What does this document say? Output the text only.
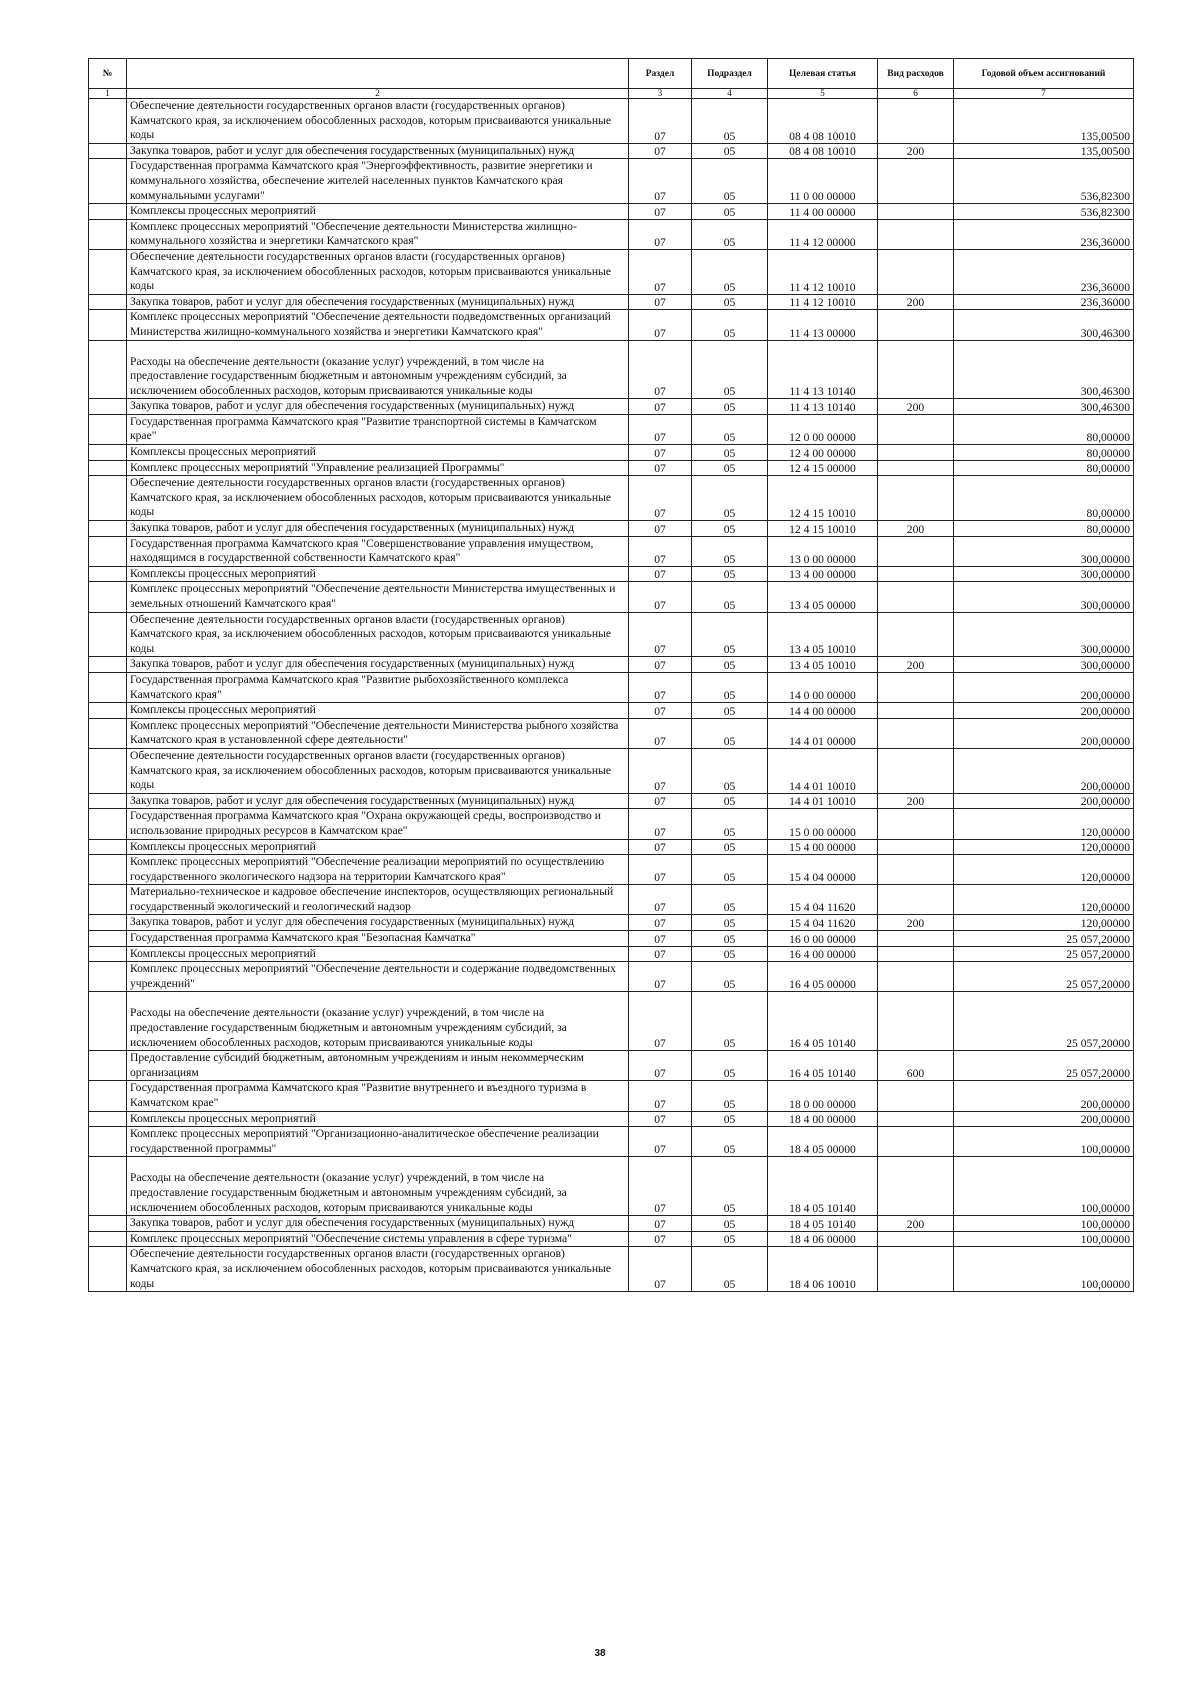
№		Раздел	Подраздел	Целевая статья	Вид расходов	Годовой объем ассигнований
1	2	3	4	5	6	7
	Обеспечение деятельности государственных органов власти (государственных органов) Камчатского края, за исключением обособленных расходов, которым присваиваются уникальные коды	07	05	08 4 08 10010		135,00500
	Закупка товаров, работ и услуг для обеспечения государственных (муниципальных) нужд	07	05	08 4 08 10010	200	135,00500
	Государственная программа Камчатского края "Энергоэффективность, развитие энергетики и коммунального хозяйства, обеспечение жителей населенных пунктов Камчатского края коммунальными услугами"	07	05	11 0 00 00000		536,82300
	Комплексы процессных мероприятий	07	05	11 4 00 00000		536,82300
	Комплекс процессных мероприятий "Обеспечение деятельности Министерства жилищно-коммунального хозяйства и энергетики Камчатского края"	07	05	11 4 12 00000		236,36000
	Обеспечение деятельности государственных органов власти (государственных органов) Камчатского края, за исключением обособленных расходов, которым присваиваются уникальные коды	07	05	11 4 12 10010		236,36000
	Закупка товаров, работ и услуг для обеспечения государственных (муниципальных) нужд	07	05	11 4 12 10010	200	236,36000
	Комплекс процессных мероприятий "Обеспечение деятельности подведомственных организаций Министерства жилищно-коммунального хозяйства и энергетики Камчатского края"	07	05	11 4 13 00000		300,46300
	Расходы на обеспечение деятельности (оказание услуг) учреждений, в том числе на предоставление государственным бюджетным и автономным учреждениям субсидий, за исключением обособленных расходов, которым присваиваются уникальные коды	07	05	11 4 13 10140		300,46300
	Закупка товаров, работ и услуг для обеспечения государственных (муниципальных) нужд	07	05	11 4 13 10140	200	300,46300
	Государственная программа Камчатского края "Развитие транспортной системы в Камчатском крае"	07	05	12 0 00 00000		80,00000
	Комплексы процессных мероприятий	07	05	12 4 00 00000		80,00000
	Комплекс процессных мероприятий "Управление реализацией Программы"	07	05	12 4 15 00000		80,00000
	Обеспечение деятельности государственных органов власти (государственных органов) Камчатского края, за исключением обособленных расходов, которым присваиваются уникальные коды	07	05	12 4 15 10010		80,00000
	Закупка товаров, работ и услуг для обеспечения государственных (муниципальных) нужд	07	05	12 4 15 10010	200	80,00000
	Государственная программа Камчатского края "Совершенствование управления имуществом, находящимся в государственной собственности Камчатского края"	07	05	13 0 00 00000		300,00000
	Комплексы процессных мероприятий	07	05	13 4 00 00000		300,00000
	Комплекс процессных мероприятий "Обеспечение деятельности Министерства имущественных и земельных отношений Камчатского края"	07	05	13 4 05 00000		300,00000
	Обеспечение деятельности государственных органов власти (государственных органов) Камчатского края, за исключением обособленных расходов, которым присваиваются уникальные коды	07	05	13 4 05 10010		300,00000
	Закупка товаров, работ и услуг для обеспечения государственных (муниципальных) нужд	07	05	13 4 05 10010	200	300,00000
	Государственная программа Камчатского края "Развитие рыбохозяйственного комплекса Камчатского края"	07	05	14 0 00 00000		200,00000
	Комплексы процессных мероприятий	07	05	14 4 00 00000		200,00000
	Комплекс процессных мероприятий "Обеспечение деятельности Министерства рыбного хозяйства Камчатского края в установленной сфере деятельности"	07	05	14 4 01 00000		200,00000
	Обеспечение деятельности государственных органов власти (государственных органов) Камчатского края, за исключением обособленных расходов, которым присваиваются уникальные коды	07	05	14 4 01 10010		200,00000
	Закупка товаров, работ и услуг для обеспечения государственных (муниципальных) нужд	07	05	14 4 01 10010	200	200,00000
	Государственная программа Камчатского края "Охрана окружающей среды, воспроизводство и использование природных ресурсов в Камчатском крае"	07	05	15 0 00 00000		120,00000
	Комплексы процессных мероприятий	07	05	15 4 00 00000		120,00000
	Комплекс процессных мероприятий "Обеспечение реализации мероприятий по осуществлению государственного экологического надзора на территории Камчатского края"	07	05	15 4 04 00000		120,00000
	Материально-техническое и кадровое обеспечение инспекторов, осуществляющих региональный государственный экологический и геологический надзор	07	05	15 4 04 11620		120,00000
	Закупка товаров, работ и услуг для обеспечения государственных (муниципальных) нужд	07	05	15 4 04 11620	200	120,00000
	Государственная программа Камчатского края "Безопасная Камчатка"	07	05	16 0 00 00000		25 057,20000
	Комплексы процессных мероприятий	07	05	16 4 00 00000		25 057,20000
	Комплекс процессных мероприятий "Обеспечение деятельности и содержание подведомственных учреждений"	07	05	16 4 05 00000		25 057,20000
	Расходы на обеспечение деятельности (оказание услуг) учреждений, в том числе на предоставление государственным бюджетным и автономным учреждениям субсидий, за исключением обособленных расходов, которым присваиваются уникальные коды	07	05	16 4 05 10140		25 057,20000
	Предоставление субсидий бюджетным, автономным учреждениям и иным некоммерческим организациям	07	05	16 4 05 10140	600	25 057,20000
	Государственная программа Камчатского края "Развитие внутреннего и въездного туризма в Камчатском крае"	07	05	18 0 00 00000		200,00000
	Комплексы процессных мероприятий	07	05	18 4 00 00000		200,00000
	Комплекс процессных мероприятий "Организационно-аналитическое обеспечение реализации государственной программы"	07	05	18 4 05 00000		100,00000
	Расходы на обеспечение деятельности (оказание услуг) учреждений, в том числе на предоставление государственным бюджетным и автономным учреждениям субсидий, за исключением обособленных расходов, которым присваиваются уникальные коды	07	05	18 4 05 10140		100,00000
	Закупка товаров, работ и услуг для обеспечения государственных (муниципальных) нужд	07	05	18 4 05 10140	200	100,00000
	Комплекс процессных мероприятий "Обеспечение системы управления в сфере туризма"	07	05	18 4 06 00000		100,00000
	Обеспечение деятельности государственных органов власти (государственных органов) Камчатского края, за исключением обособленных расходов, которым присваиваются уникальные коды	07	05	18 4 06 10010		100,00000
38
